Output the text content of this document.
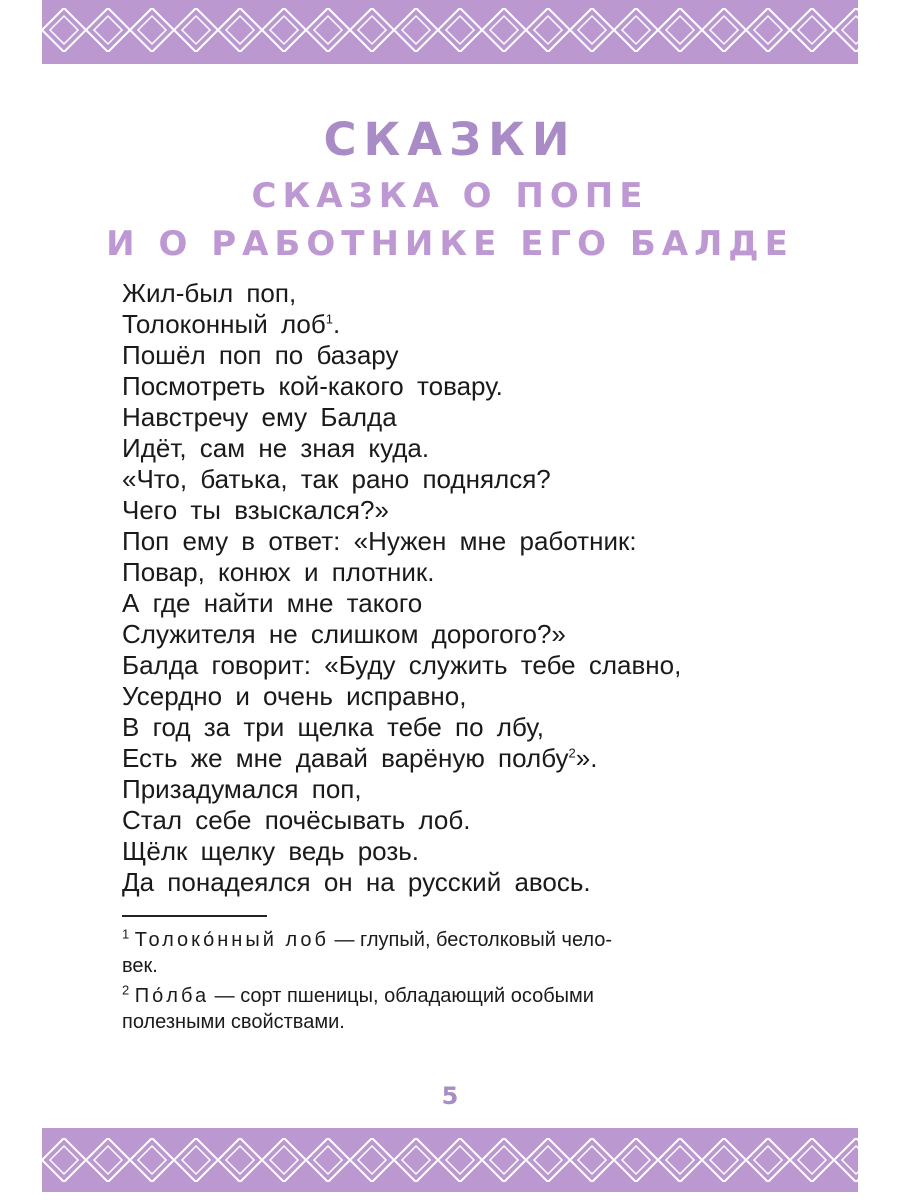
СКАЗКИ
СКАЗКА О ПОПЕ
И О РАБОТНИКЕ ЕГО БАЛДЕ
Жил-был поп,
Толоконный лоб$^1$.
Пошёл поп по базару
Посмотреть кой-какого товару.
Навстречу ему Балда
Идёт, сам не зная куда.
«Что, батька, так рано поднялся?
Чего ты взыскался?»
Поп ему в ответ: «Нужен мне работник:
Повар, конюх и плотник.
А где найти мне такого
Служителя не слишком дорогого?»
Балда говорит: «Буду служить тебе славно,
Усердно и очень исправно,
В год за три щелка тебе по лбу,
Есть же мне давай варёную полбу$^2$».
Призадумался поп,
Стал себе почёсывать лоб.
Щёлк щелку ведь розь.
Да понадеялся он на русский авось.
$^1$ Толоко́нный лоб — глупый, бестолковый чело-
век.
$^2$ По́лба — сорт пшеницы, обладающий особыми
полезными свойствами.
5
